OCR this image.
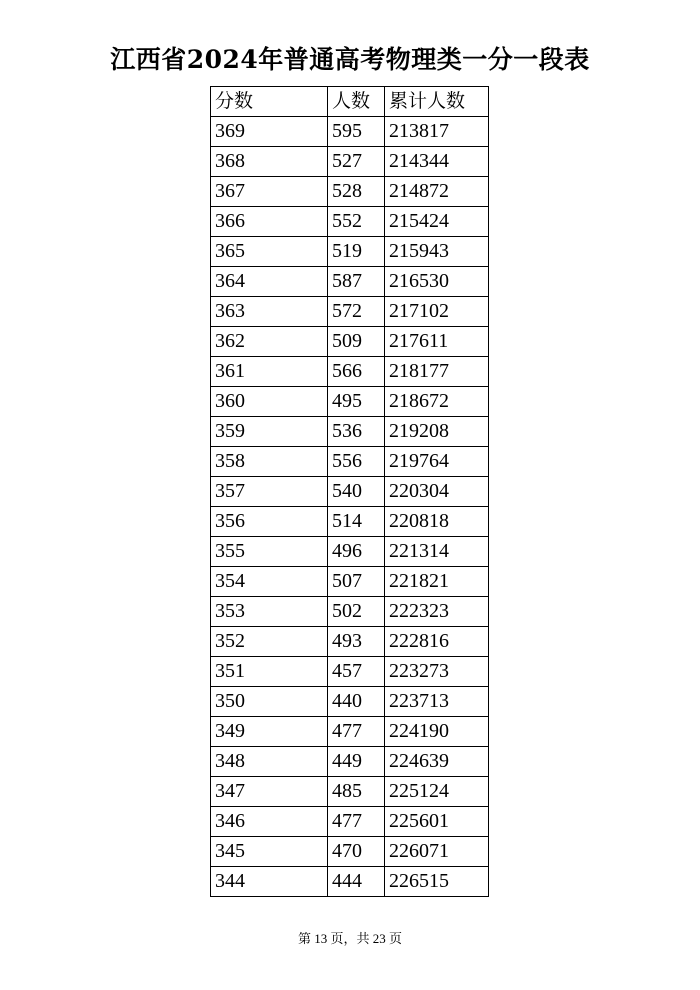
江西省2024年普通高考物理类一分一段表
分数	人数	累计人数
369	595	213817
368	527	214344
367	528	214872
366	552	215424
365	519	215943
364	587	216530
363	572	217102
362	509	217611
361	566	218177
360	495	218672
359	536	219208
358	556	219764
357	540	220304
356	514	220818
355	496	221314
354	507	221821
353	502	222323
352	493	222816
351	457	223273
350	440	223713
349	477	224190
348	449	224639
347	485	225124
346	477	225601
345	470	226071
344	444	226515
第 13 页，共 23 页
